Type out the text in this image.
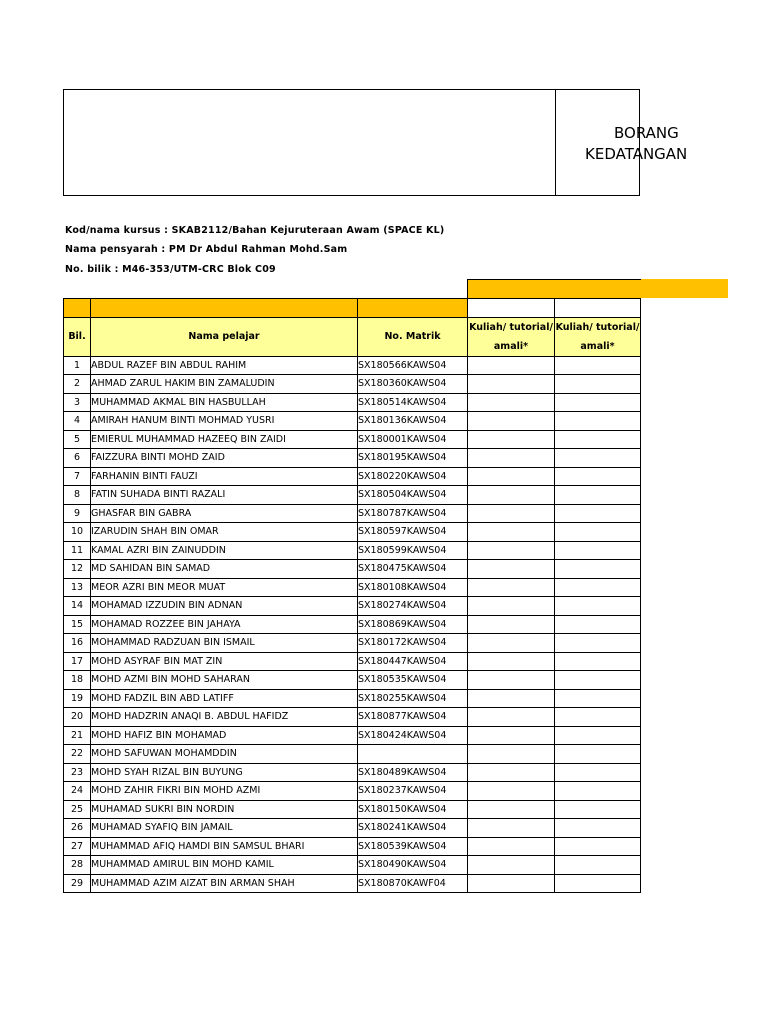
BORANG
KEDATANGAN
Kod/nama kursus : SKAB2112/Bahan Kejuruteraan Awam (SPACE KL)
Nama pensyarah : PM Dr Abdul Rahman Mohd.Sam
No. bilik : M46-353/UTM-CRC Blok C09

Bil.	Nama pelajar	No. Matrik	Kuliah/ tutorial/ amali*	Kuliah/ tutorial/ amali*
1	ABDUL RAZEF BIN ABDUL RAHIM	SX180566KAWS04		
2	AHMAD ZARUL HAKIM BIN ZAMALUDIN	SX180360KAWS04		
3	MUHAMMAD AKMAL BIN HASBULLAH	SX180514KAWS04		
4	AMIRAH HANUM BINTI MOHMAD YUSRI	SX180136KAWS04		
5	EMIERUL MUHAMMAD HAZEEQ BIN ZAIDI	SX180001KAWS04		
6	FAIZZURA BINTI MOHD ZAID	SX180195KAWS04		
7	FARHANIN BINTI FAUZI	SX180220KAWS04		
8	FATIN SUHADA BINTI RAZALI	SX180504KAWS04		
9	GHASFAR BIN GABRA	SX180787KAWS04		
10	IZARUDIN SHAH BIN OMAR	SX180597KAWS04		
11	KAMAL AZRI BIN ZAINUDDIN	SX180599KAWS04		
12	MD SAHIDAN BIN SAMAD	SX180475KAWS04		
13	MEOR AZRI BIN MEOR MUAT	SX180108KAWS04		
14	MOHAMAD IZZUDIN BIN ADNAN	SX180274KAWS04		
15	MOHAMAD ROZZEE BIN JAHAYA	SX180869KAWS04		
16	MOHAMMAD RADZUAN BIN ISMAIL	SX180172KAWS04		
17	MOHD ASYRAF BIN MAT ZIN	SX180447KAWS04		
18	MOHD AZMI BIN MOHD SAHARAN	SX180535KAWS04		
19	MOHD FADZIL BIN ABD LATIFF	SX180255KAWS04		
20	MOHD HADZRIN ANAQI B. ABDUL HAFIDZ	SX180877KAWS04		
21	MOHD HAFIZ BIN MOHAMAD	SX180424KAWS04		
22	MOHD SAFUWAN MOHAMDDIN			
23	MOHD SYAH RIZAL BIN BUYUNG	SX180489KAWS04		
24	MOHD ZAHIR FIKRI BIN MOHD AZMI	SX180237KAWS04		
25	MUHAMAD SUKRI BIN NORDIN	SX180150KAWS04		
26	MUHAMAD SYAFIQ BIN JAMAIL	SX180241KAWS04		
27	MUHAMMAD AFIQ HAMDI BIN SAMSUL BHARI	SX180539KAWS04		
28	MUHAMMAD AMIRUL BIN MOHD KAMIL	SX180490KAWS04		
29	MUHAMMAD AZIM AIZAT BIN ARMAN SHAH	SX180870KAWF04		
